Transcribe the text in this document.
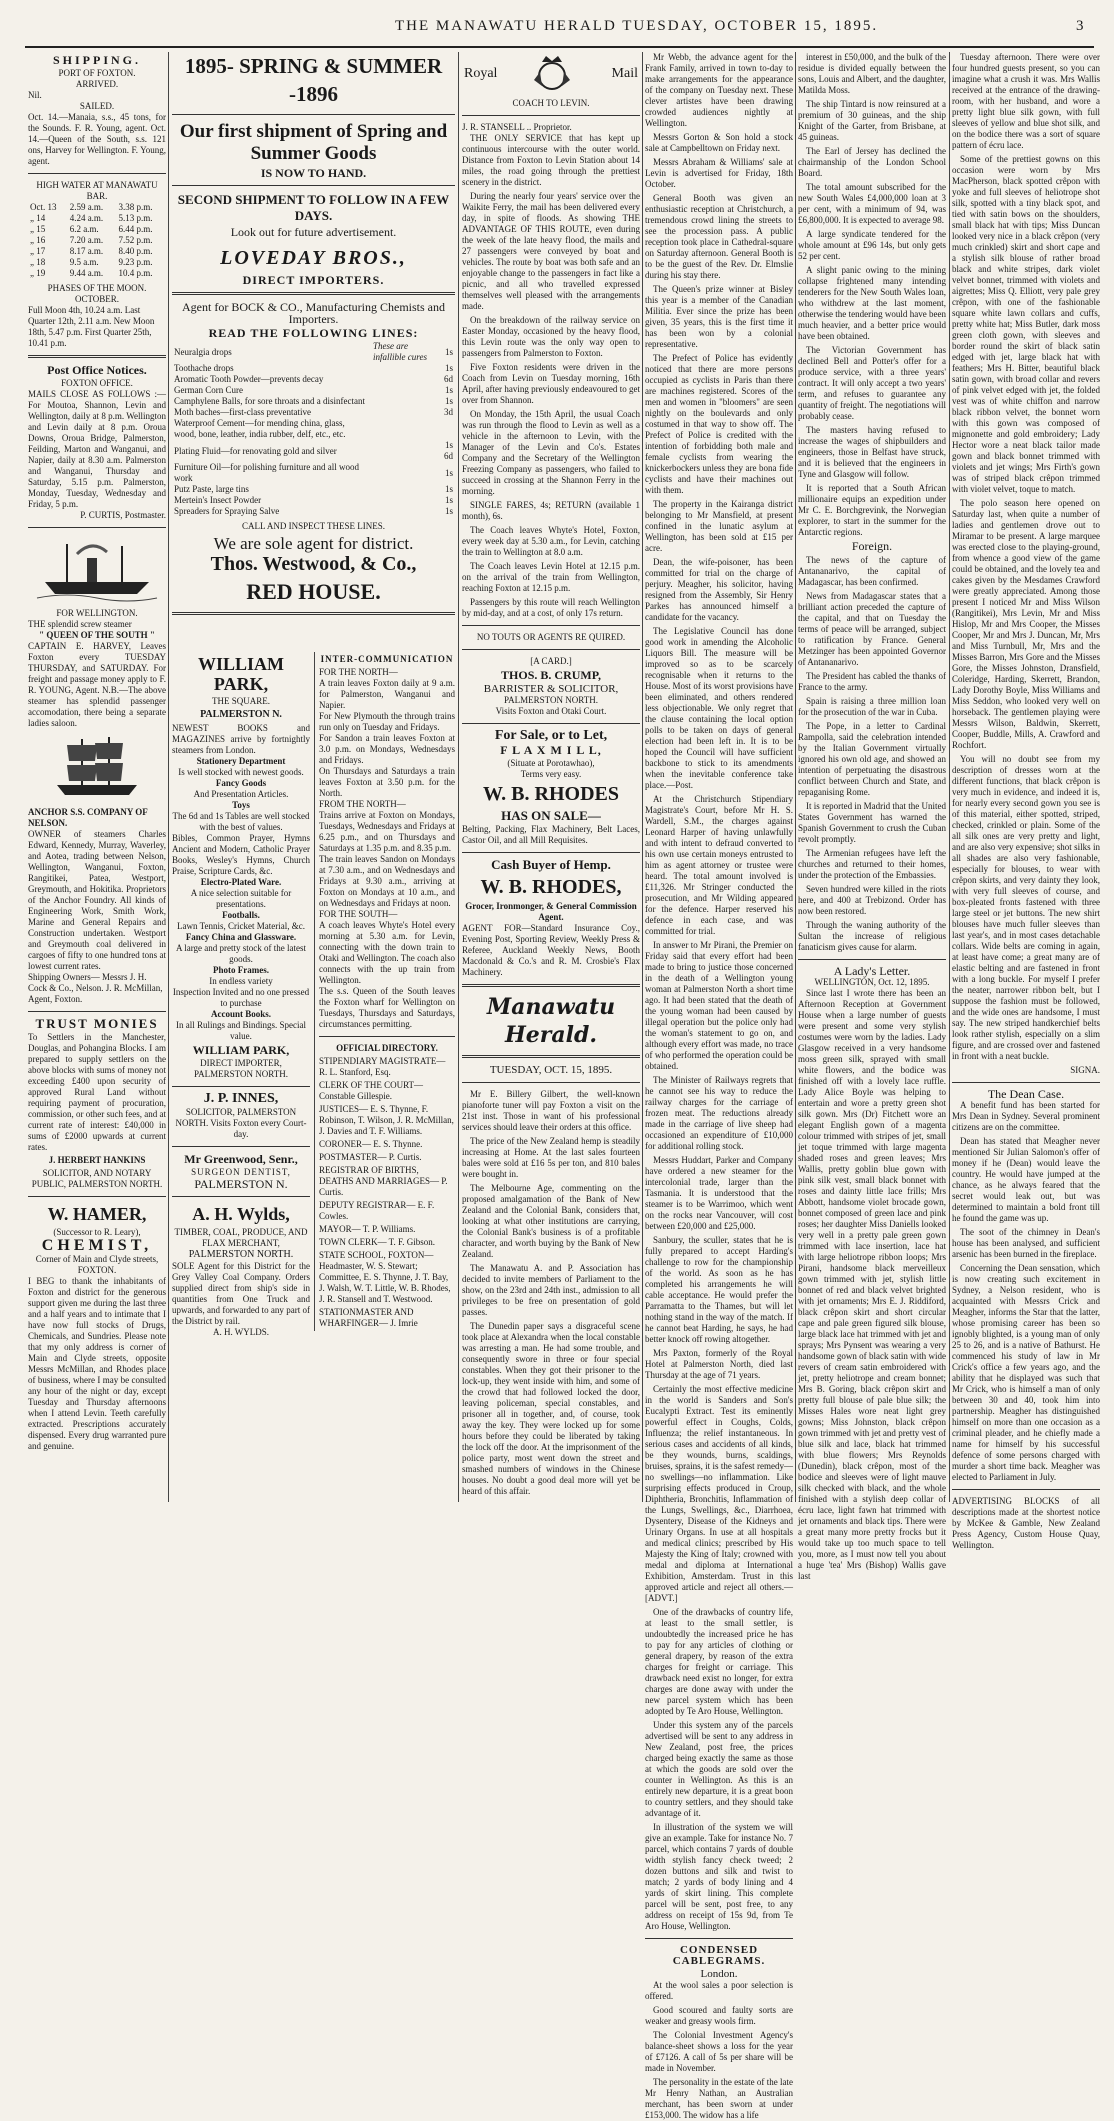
THE MANAWATU HERALD TUESDAY, OCTOBER 15, 1895.	3
SHIPPING.
PORT OF FOXTON.
ARRIVED.
Nil.
SAILED.
Oct. 14.—Manaia, s.s., 45 tons, for the Sounds. F. R. Young, agent. Oct. 14.—Queen of the South, s.s. 121 ons, Harvey for Wellington. F. Young, agent.
HIGH WATER AT MANAWATU BAR.
Oct. 13	2.59 a.m.	3.38 p.m.
„ 14	4.24 a.m.	5.13 p.m.
„ 15	6.2 a.m.	6.44 p.m.
„ 16	7.20 a.m.	7.52 p.m.
„ 17	8.17 a.m.	8.40 p.m.
„ 18	9.5 a.m.	9.23 p.m.
„ 19	9.44 a.m.	10.4 p.m.
PHASES OF THE MOON.
OCTOBER.
Full Moon 4th, 10.24 a.m. Last Quarter 12th, 2.11 a.m. New Moon 18th, 5.47 p.m. First Quarter 25th, 10.41 p.m.
Post Office Notices.
FOXTON OFFICE.
MAILS CLOSE AS FOLLOWS :— For Moutoa, Shannon, Levin and Wellington, daily at 8 p.m. Wellington and Levin daily at 8 p.m. Oroua Downs, Oroua Bridge, Palmerston, Feilding, Marton and Wanganui, and Napier, daily at 8.30 a.m. Palmerston and Wanganui, Thursday and Saturday, 5.15 p.m. Palmerston, Monday, Tuesday, Wednesday and Friday, 5 p.m.
P. CURTIS, Postmaster.
FOR WELLINGTON.
THE splendid screw steamer
" QUEEN OF THE SOUTH "
CAPTAIN E. HARVEY, Leaves Foxton every TUESDAY THURSDAY, and SATURDAY. For freight and passage money apply to F. R. YOUNG, Agent. N.B.—The above steamer has splendid passenger accomodation, there being a separate ladies saloon.
ANCHOR S.S. COMPANY OF NELSON.
OWNER of steamers Charles Edward, Kennedy, Murray, Waverley, and Aotea, trading between Nelson, Wellington, Wanganui, Foxton, Rangitikei, Patea, Westport, Greymouth, and Hokitika. Proprietors of the Anchor Foundry. All kinds of Engineering Work, Smith Work, Marine and General Repairs and Construction undertaken. Westport and Greymouth coal delivered in cargoes of fifty to one hundred tons at lowest current rates.
Shipping Owners— Messrs J. H. Cock & Co., Nelson. J. R. McMillan, Agent, Foxton.
TRUST MONIES
To Settlers in the Manchester, Douglas, and Pohangina Blocks. I am prepared to supply settlers on the above blocks with sums of money not exceeding £400 upon security of approved Rural Land without requiring payment of procuration, commission, or other such fees, and at current rate of interest: £40,000 in sums of £2000 upwards at current rates.
J. HERBERT HANKINS
SOLICITOR, AND NOTARY PUBLIC, PALMERSTON NORTH.
W. HAMER,
(Successor to R. Leary),
CHEMIST,
Corner of Main and Clyde streets, FOXTON.
I BEG to thank the inhabitants of Foxton and district for the generous support given me during the last three and a half years and to intimate that I have now full stocks of Drugs, Chemicals, and Sundries. Please note that my only address is corner of Main and Clyde streets, opposite Messrs McMillan, and Rhodes place of business, where I may be consulted any hour of the night or day, except Tuesday and Thursday afternoons when I attend Levin. Teeth carefully extracted. Prescriptions accurately dispensed. Every drug warranted pure and genuine.
1895- SPRING & SUMMER -1896
Our first shipment of Spring and Summer Goods
IS NOW TO HAND.
SECOND SHIPMENT TO FOLLOW IN A FEW DAYS.
Look out for future advertisement.
LOVEDAY BROS.,
DIRECT IMPORTERS.
Agent for BOCK & CO., Manufacturing Chemists and Importers.
READ THE FOLLOWING LINES:
Neuralgia drops	These are infallible cures	1s
Toothache drops		1s
Aromatic Tooth Powder—prevents decay		6d
German Corn Cure		1s
Camphylene Balls, for sore throats and a disinfectant		1s
Moth baches—first-class preventative		3d
Waterproof Cement—for mending china, glass, wood, bone, leather, india rubber, delf, etc., etc.		
Plating Fluid—for renovating gold and silver		1s 6d
Furniture Oil—for polishing furniture and all wood work		1s
Putz Paste, large tins		1s
Mertein's Insect Powder		1s
Spreaders for Spraying Salve		1s
CALL AND INSPECT THESE LINES.
We are sole agent for district.
Thos. Westwood, & Co.,
RED HOUSE.
WILLIAM PARK,
THE SQUARE.
PALMERSTON N.
NEWEST BOOKS and MAGAZINES arrive by fortnightly steamers from London.
Stationery Department
Is well stocked with newest goods.
Fancy Goods
And Presentation Articles.
Toys
The 6d and 1s Tables are well stocked with the best of values.
Bibles, Common Prayer, Hymns Ancient and Modern, Catholic Prayer Books, Wesley's Hymns, Church Praise, Scripture Cards, &c.
Electro-Plated Ware.
A nice selection suitable for presentations.
Footballs.
Lawn Tennis, Cricket Material, &c.
Fancy China and Glassware.
A large and pretty stock of the latest goods.
Photo Frames.
In endless variety
Inspection Invited and no one pressed to purchase
Account Books.
In all Rulings and Bindings. Special value.
WILLIAM PARK,
DIRECT IMPORTER, PALMERSTON NORTH.
J. P. INNES,
SOLICITOR, PALMERSTON NORTH. Visits Foxton every Court-day.
Mr Greenwood, Senr.,
SURGEON DENTIST,
PALMERSTON N.
A. H. Wylds,
TIMBER, COAL, PRODUCE, AND FLAX MERCHANT,
PALMERSTON NORTH.
SOLE Agent for this District for the Grey Valley Coal Company. Orders supplied direct from ship's side in quantities from One Truck and upwards, and forwarded to any part of the District by rail.
A. H. WYLDS.
INTER-COMMUNICATION
FOR THE NORTH—
A train leaves Foxton daily at 9 a.m. for Palmerston, Wanganui and Napier.
For New Plymouth the through trains run only on Tuesday and Fridays.
For Sandon a train leaves Foxton at 3.0 p.m. on Mondays, Wednesdays and Fridays.
On Thursdays and Saturdays a train leaves Foxton at 3.50 p.m. for the North.
FROM THE NORTH—
Trains arrive at Foxton on Mondays, Tuesdays, Wednesdays and Fridays at 6.25 p.m., and on Thursdays and Saturdays at 1.35 p.m. and 8.35 p.m.
The train leaves Sandon on Mondays at 7.30 a.m., and on Wednesdays and Fridays at 9.30 a.m., arriving at Foxton on Mondays at 10 a.m., and on Wednesdays and Fridays at noon.
FOR THE SOUTH—
A coach leaves Whyte's Hotel every morning at 5.30 a.m. for Levin, connecting with the down train to Otaki and Wellington. The coach also connects with the up train from Wellington.
The s.s. Queen of the South leaves the Foxton wharf for Wellington on Tuesdays, Thursdays and Saturdays, circumstances permitting.
OFFICIAL DIRECTORY.
STIPENDIARY MAGISTRATE— R. L. Stanford, Esq.
CLERK OF THE COURT— Constable Gillespie.
JUSTICES— E. S. Thynne, F. Robinson, T. Wilson, J. R. McMillan, J. Davies and T. F. Williams.
CORONER— E. S. Thynne.
POSTMASTER— P. Curtis.
REGISTRAR OF BIRTHS, DEATHS AND MARRIAGES— P. Curtis.
DEPUTY REGISTRAR— E. F. Cowles.
MAYOR— T. P. Williams.
TOWN CLERK— T. F. Gibson.
STATE SCHOOL, FOXTON— Headmaster, W. S. Stewart; Committee, E. S. Thynne, J. T. Bay, J. Walsh, W. T. Little, W. B. Rhodes, J. R. Stansell and T. Westwood.
STATIONMASTER AND WHARFINGER— J. Imrie
Royal	Mail
COACH TO LEVIN.
J. R. STANSELL .. Proprietor.

THE ONLY SERVICE that has kept up continuous intercourse with the outer world. Distance from Foxton to Levin Station about 14 miles, the road going through the prettiest scenery in the district.

During the nearly four years' service over the Waikite Ferry, the mail has been delivered every day, in spite of floods. As showing THE ADVANTAGE OF THIS ROUTE, even during the week of the late heavy flood, the mails and 27 passengers were conveyed by boat and vehicles. The route by boat was both safe and an enjoyable change to the passengers in fact like a picnic, and all who travelled expressed themselves well pleased with the arrangements made.

On the breakdown of the railway service on Easter Monday, occasioned by the heavy flood, this Levin route was the only way open to passengers from Palmerston to Foxton.

Five Foxton residents were driven in the Coach from Levin on Tuesday morning, 16th April, after having previously endeavoured to get over from Shannon.

On Monday, the 15th April, the usual Coach was run through the flood to Levin as well as a vehicle in the afternoon to Levin, with the Manager of the Levin and Co's. Estates Company and the Secretary of the Wellington Freezing Company as passengers, who failed to succeed in crossing at the Shannon Ferry in the morning.

SINGLE FARES, 4s; RETURN (available 1 month), 6s.

The Coach leaves Whyte's Hotel, Foxton, every week day at 5.30 a.m., for Levin, catching the train to Wellington at 8.0 a.m.

The Coach leaves Levin Hotel at 12.15 p.m. on the arrival of the train from Wellington, reaching Foxton at 12.15 p.m.

Passengers by this route will reach Wellington by mid-day, and at a cost, of only 17s return.

NO TOUTS OR AGENTS RE QUIRED.
[A CARD.]
THOS. B. CRUMP,
BARRISTER & SOLICITOR,
PALMERSTON NORTH.
Visits Foxton and Otaki Court.
For Sale, or to Let,
F L A X M I L L,
(Situate at Porotawhao),
Terms very easy.
W. B. RHODES
HAS ON SALE—
Belting, Packing, Flax Machinery, Belt Laces, Castor Oil, and all Mill Requisites.
Cash Buyer of Hemp.
W. B. RHODES,
Grocer, Ironmonger, & General Commission Agent.
AGENT FOR—Standard Insurance Coy., Evening Post, Sporting Review, Weekly Press & Referee, Auckland Weekly News, Booth Macdonald & Co.'s and R. M. Crosbie's Flax Machinery.
Manawatu Herald.
TUESDAY, OCT. 15, 1895.

Mr E. Billery Gilbert, the well-known pianoforte tuner will pay Foxton a visit on the 21st inst. Those in want of his professional services should leave their orders at this office.

The price of the New Zealand hemp is steadily increasing at Home. At the last sales fourteen bales were sold at £16 5s per ton, and 810 bales were bought in.

The Melbourne Age, commenting on the proposed amalgamation of the Bank of New Zealand and the Colonial Bank, considers that, looking at what other institutions are carrying, the Colonial Bank's business is of a profitable character, and worth buying by the Bank of New Zealand.

The Manawatu A. and P. Association has decided to invite members of Parliament to the show, on the 23rd and 24th inst., admission to all privileges to be free on presentation of gold passes.

The Dunedin paper says a disgraceful scene took place at Alexandra when the local constable was arresting a man. He had some trouble, and consequently swore in three or four special constables. When they got their prisoner to the lock-up, they went inside with him, and some of the crowd that had followed locked the door, leaving policeman, special constables, and prisoner all in together, and, of course, took away the key. They were locked up for some hours before they could be liberated by taking the lock off the door. At the imprisonment of the police party, most went down the street and smashed numbers of windows in the Chinese houses. No doubt a good deal more will yet be heard of this affair.

Mr Webb, the advance agent for the Frank Family, arrived in town to-day to make arrangements for the appearance of the company on Tuesday next. These clever artistes have been drawing crowded audiences nightly at Wellington.

Messrs Gorton & Son hold a stock sale at Campbelltown on Friday next.

Messrs Abraham & Williams' sale at Levin is advertised for Friday, 18th October.

General Booth was given an enthusiastic reception at Christchurch, a tremendous crowd lining the streets to see the procession pass. A public reception took place in Cathedral-square on Saturday afternoon. General Booth is to be the guest of the Rev. Dr. Elmslie during his stay there.

The Queen's prize winner at Bisley this year is a member of the Canadian Militia. Ever since the prize has been given, 35 years, this is the first time it has been won by a colonial representative.

The Prefect of Police has evidently noticed that there are more persons occupied as cyclists in Paris than there are machines registered. Scores of the men and women in "bloomers" are seen nightly on the boulevards and only costumed in that way to show off. The Prefect of Police is credited with the intention of forbidding both male and female cyclists from wearing the knickerbockers unless they are bona fide cyclists and have their machines out with them.

The property in the Kairanga district belonging to Mr Mansfield, at present confined in the lunatic asylum at Wellington, has been sold at £15 per acre.

Dean, the wife-poisoner, has been committed for trial on the charge of perjury. Meagher, his solicitor, having resigned from the Assembly, Sir Henry Parkes has announced himself a candidate for the vacancy.

The Legislative Council has done good work in amending the Alcoholic Liquors Bill. The measure will be improved so as to be scarcely recognisable when it returns to the House. Most of its worst provisions have been eliminated, and others rendered less objectionable. We only regret that the clause containing the local option polls to be taken on days of general election had been left in. It is to be hoped the Council will have sufficient backbone to stick to its amendments when the inevitable conference take place.—Post.

At the Christchurch Stipendiary Magistrate's Court, before Mr H. S. Wardell, S.M., the charges against Leonard Harper of having unlawfully and with intent to defraud converted to his own use certain moneys entrusted to him as agent attorney or trustee were heard. The total amount involved is £11,326. Mr Stringer conducted the prosecution, and Mr Wilding appeared for the defence. Harper reserved his defence in each case, and was committed for trial.

In answer to Mr Pirani, the Premier on Friday said that every effort had been made to bring to justice those concerned in the death of a Wellington young woman at Palmerston North a short time ago. It had been stated that the death of the young woman had been caused by illegal operation but the police only had the woman's statement to go on, and although every effort was made, no trace of who performed the operation could be obtained.

The Minister of Railways regrets that he cannot see his way to reduce the railway charges for the carriage of frozen meat. The reductions already made in the carriage of live sheep had occasioned an expenditure of £10,000 for additional rolling stock.

Messrs Huddart, Parker and Company have ordered a new steamer for the intercolonial trade, larger than the Tasmania. It is understood that the steamer is to be Warrimoo, which went on the rocks near Vancouver, will cost between £20,000 and £25,000.

Sanbury, the sculler, states that he is fully prepared to accept Harding's challenge to row for the championship of the world. As soon as he has completed his arrangements he will cable acceptance. He would prefer the Parramatta to the Thames, but will let nothing stand in the way of the match. If he cannot beat Harding, he says, he had better knock off rowing altogether.

Mrs Paxton, formerly of the Royal Hotel at Palmerston North, died last Thursday at the age of 71 years.

Certainly the most effective medicine in the world is Sanders and Son's Eucalypti Extract. Test its eminently powerful effect in Coughs, Colds, Influenza; the relief instantaneous. In serious cases and accidents of all kinds, be they wounds, burns, scaldings, bruises, sprains, it is the safest remedy—no swellings—no inflammation. Like surprising effects produced in Croup, Diphtheria, Bronchitis, Inflammation of the Lungs, Swellings, &c., Diarrhoea, Dysentery, Disease of the Kidneys and Urinary Organs. In use at all hospitals and medical clinics; prescribed by His Majesty the King of Italy; crowned with medal and diploma at International Exhibition, Amsterdam. Trust in this approved article and reject all others.—[ADVT.]

One of the drawbacks of country life, at least to the small settler, is undoubtedly the increased price he has to pay for any articles of clothing or general drapery, by reason of the extra charges for freight or carriage. This drawback need exist no longer, for extra charges are done away with under the new parcel system which has been adopted by Te Aro House, Wellington.

Under this system any of the parcels advertised will be sent to any address in New Zealand, post free, the prices charged being exactly the same as those at which the goods are sold over the counter in Wellington. As this is an entirely new departure, it is a great boon to country settlers, and they should take advantage of it.

In illustration of the system we will give an example. Take for instance No. 7 parcel, which contains 7 yards of double width stylish fancy check tweed; 2 dozen buttons and silk and twist to match; 2 yards of body lining and 4 yards of skirt lining. This complete parcel will be sent, post free, to any address on receipt of 15s 9d, from Te Aro House, Wellington.

CONDENSED CABLEGRAMS.
London.

At the wool sales a poor selection is offered.

Good scoured and faulty sorts are weaker and greasy wools firm.

The Colonial Investment Agency's balance-sheet shows a loss for the year of £7126. A call of 5s per share will be made in November.

The personality in the estate of the late Mr Henry Nathan, an Australian merchant, has been sworn at under £153,000. The widow has a life

interest in £50,000, and the bulk of the residue is divided equally between the sons, Louis and Albert, and the daughter, Matilda Moss.

The ship Tintard is now reinsured at a premium of 30 guineas, and the ship Knight of the Garter, from Brisbane, at 45 guineas.

The Earl of Jersey has declined the chairmanship of the London School Board.

The total amount subscribed for the new South Wales £4,000,000 loan at 3 per cent, with a minimum of 94, was £6,800,000. It is expected to average 98.

A large syndicate tendered for the whole amount at £96 14s, but only gets 52 per cent.

A slight panic owing to the mining collapse frightened many intending tenderers for the New South Wales loan, who withdrew at the last moment, otherwise the tendering would have been much heavier, and a better price would have been obtained.

The Victorian Government has declined Bell and Potter's offer for a produce service, with a three years' contract. It will only accept a two years' term, and refuses to guarantee any quantity of freight. The negotiations will probably cease.

The masters having refused to increase the wages of shipbuilders and engineers, those in Belfast have struck, and it is believed that the engineers in Tyne and Glasgow will follow.

It is reported that a South African millionaire equips an expedition under Mr C. E. Borchgrevink, the Norwegian explorer, to start in the summer for the Antarctic regions.

Foreign.

The news of the capture of Antananarivo, the capital of Madagascar, has been confirmed.

News from Madagascar states that a brilliant action preceded the capture of the capital, and that on Tuesday the terms of peace will be arranged, subject to ratification by France. General Metzinger has been appointed Governor of Antananarivo.

The President has cabled the thanks of France to the army.

Spain is raising a three million loan for the prosecution of the war in Cuba.

The Pope, in a letter to Cardinal Rampolla, said the celebration intended by the Italian Government virtually ignored his own old age, and showed an intention of perpetuating the disastrous conflict between Church and State, and repaganising Rome.

It is reported in Madrid that the United States Government has warned the Spanish Government to crush the Cuban revolt promptly.

The Armenian refugees have left the churches and returned to their homes, under the protection of the Embassies.

Seven hundred were killed in the riots here, and 400 at Trebizond. Order has now been restored.

Through the waning authority of the Sultan the increase of religious fanaticism gives cause for alarm.

A Lady's Letter.
WELLINGTON, Oct. 12, 1895.

Since last I wrote there has been an Afternoon Reception at Government House when a large number of guests were present and some very stylish costumes were worn by the ladies. Lady Glasgow received in a very handsome moss green silk, sprayed with small white flowers, and the bodice was finished off with a lovely lace ruffle. Lady Alice Boyle was helping to entertain and wore a pretty green shot silk gown. Mrs (Dr) Fitchett wore an elegant English gown of a magenta colour trimmed with stripes of jet, small jet toque trimmed with large magenta shaded roses and green leaves; Mrs Wallis, pretty goblin blue gown with pink silk vest, small black bonnet with roses and dainty little lace frills; Mrs Abbott, handsome violet brocade gown, bonnet composed of green lace and pink roses; her daughter Miss Daniells looked very well in a pretty pale green gown trimmed with lace insertion, lace hat with large heliotrope ribbon loops; Mrs Pirani, handsome black merveilleux gown trimmed with jet, stylish little bonnet of red and black velvet brighted with jet ornaments; Mrs E. J. Riddiford, black crêpon skirt and short circular cape and pale green figured silk blouse, large black lace hat trimmed with jet and sprays; Mrs Pynsent was wearing a very handsome gown of black satin with wide revers of cream satin embroidered with jet, pretty heliotrope and cream bonnet; Mrs B. Goring, black crêpon skirt and pretty full blouse of pale blue silk; the Misses Hales wore neat light grey gowns; Miss Johnston, black crêpon gown trimmed with jet and pretty vest of blue silk and lace, black hat trimmed with blue flowers; Mrs Reynolds (Dunedin), black crêpon, most of the bodice and sleeves were of light mauve silk checked with black, and the whole finished with a stylish deep collar of écru lace, light fawn hat trimmed with jet ornaments and black tips. There were a great many more pretty frocks but it would take up too much space to tell you, more, as I must now tell you about a huge 'tea' Mrs (Bishop) Wallis gave last

Tuesday afternoon. There were over four hundred guests present, so you can imagine what a crush it was. Mrs Wallis received at the entrance of the drawing-room, with her husband, and wore a pretty light blue silk gown, with full sleeves of yellow and blue shot silk, and on the bodice there was a sort of square pattern of écru lace.

Some of the prettiest gowns on this occasion were worn by Mrs MacPherson, black spotted crêpon with yoke and full sleeves of heliotrope shot silk, spotted with a tiny black spot, and tied with satin bows on the shoulders, small black hat with tips; Miss Duncan looked very nice in a black crêpon (very much crinkled) skirt and short cape and a stylish silk blouse of rather broad black and white stripes, dark violet velvet bonnet, trimmed with violets and aigrettes; Miss Q. Elliott, very pale grey crêpon, with one of the fashionable square white lawn collars and cuffs, pretty white hat; Miss Butler, dark moss green cloth gown, with sleeves and border round the skirt of black satin edged with jet, large black hat with feathers; Mrs H. Bitter, beautiful black satin gown, with broad collar and revers of pink velvet edged with jet, the folded vest was of white chiffon and narrow black ribbon velvet, the bonnet worn with this gown was composed of mignonette and gold embroidery; Lady Hector wore a neat black tailor made gown and black bonnet trimmed with violets and jet wings; Mrs Firth's gown was of striped black crêpon trimmed with violet velvet, toque to match.

The polo season here opened on Saturday last, when quite a number of ladies and gentlemen drove out to Miramar to be present. A large marquee was erected close to the playing-ground, from whence a good view of the game could be obtained, and the lovely tea and cakes given by the Mesdames Crawford were greatly appreciated. Among those present I noticed Mr and Miss Wilson (Rangitikei), Mrs Levin, Mr and Miss Hislop, Mr and Mrs Cooper, the Misses Cooper, Mr and Mrs J. Duncan, Mr, Mrs and Miss Turnbull, Mr, Mrs and the Misses Barron, Mrs Gore and the Misses Gore, the Misses Johnston, Dransfield, Coleridge, Harding, Skerrett, Brandon, Lady Dorothy Boyle, Miss Williams and Miss Seddon, who looked very well on horseback. The gentlemen playing were Messrs Wilson, Baldwin, Skerrett, Cooper, Buddle, Mills, A. Crawford and Rochfort.

You will no doubt see from my description of dresses worn at the different functions, that black crêpon is very much in evidence, and indeed it is, for nearly every second gown you see is of this material, either spotted, striped, checked, crinkled or plain. Some of the all silk ones are very pretty and light, and are also very expensive; shot silks in all shades are also very fashionable, especially for blouses, to wear with crêpon skirts, and very dainty they look, with very full sleeves of course, and box-pleated fronts fastened with three large steel or jet buttons. The new shirt blouses have much fuller sleeves than last year's, and in most cases detachable collars. Wide belts are coming in again, at least have come; a great many are of elastic belting and are fastened in front with a long buckle. For myself I prefer the neater, narrower ribbon belt, but I suppose the fashion must be followed, and the wide ones are handsome, I must say. The new striped handkerchief belts look rather stylish, especially on a slim figure, and are crossed over and fastened in front with a neat buckle.

SIGNA.
The Dean Case.

A benefit fund has been started for Mrs Dean in Sydney. Several prominent citizens are on the committee.

Dean has stated that Meagher never mentioned Sir Julian Salomon's offer of money if he (Dean) would leave the country. He would have jumped at the chance, as he always feared that the secret would leak out, but was determined to maintain a bold front till he found the game was up.

The soot of the chimney in Dean's house has been analysed, and sufficient arsenic has been burned in the fireplace.

Concerning the Dean sensation, which is now creating such excitement in Sydney, a Nelson resident, who is acquainted with Messrs Crick and Meagher, informs the Star that the latter, whose promising career has been so ignobly blighted, is a young man of only 25 to 26, and is a native of Bathurst. He commenced his study of law in Mr Crick's office a few years ago, and the ability that he displayed was such that Mr Crick, who is himself a man of only between 30 and 40, took him into partnership. Meagher has distinguished himself on more than one occasion as a criminal pleader, and he chiefly made a name for himself by his successful defence of some persons charged with murder a short time back. Meagher was elected to Parliament in July.

ADVERTISING BLOCKS of all descriptions made at the shortest notice by McKee & Gamble, New Zealand Press Agency, Custom House Quay, Wellington.
